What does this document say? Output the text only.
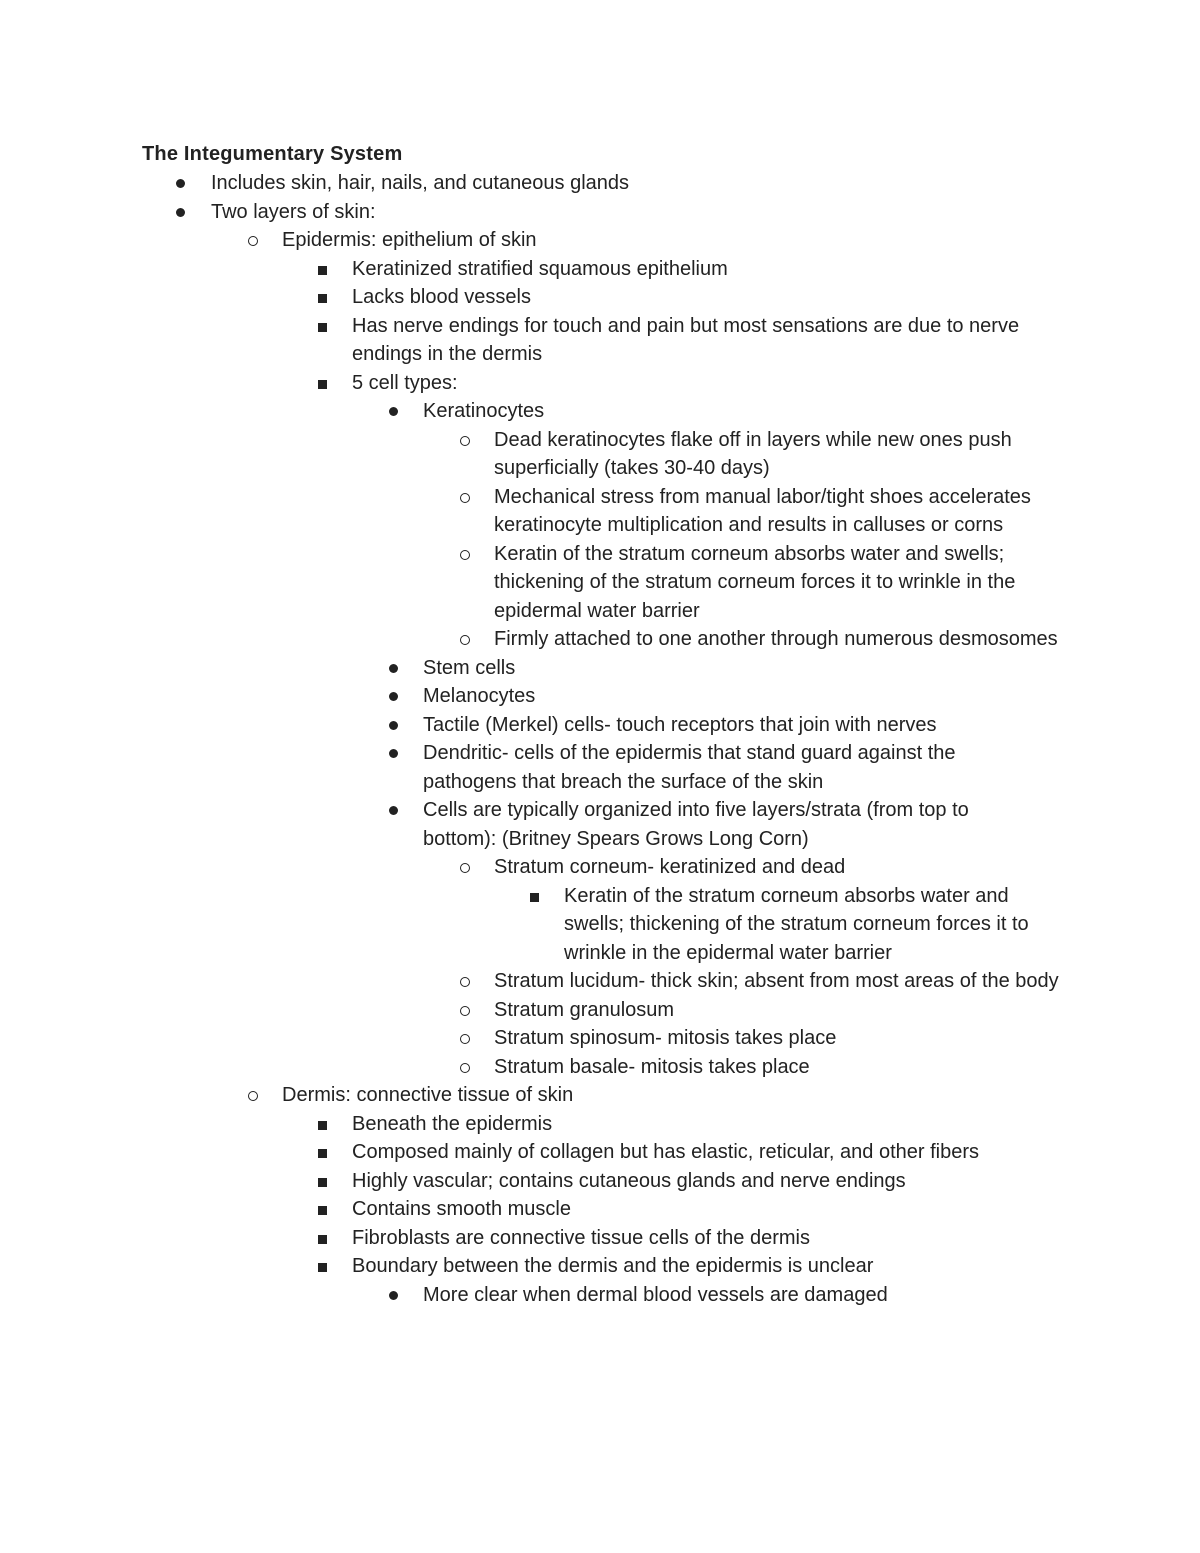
The Integumentary System
Includes skin, hair, nails, and cutaneous glands
Two layers of skin:
Epidermis: epithelium of skin
Keratinized stratified squamous epithelium
Lacks blood vessels
Has nerve endings for touch and pain but most sensations are due to nerve endings in the dermis
5 cell types:
Keratinocytes
Dead keratinocytes flake off in layers while new ones push superficially (takes 30-40 days)
Mechanical stress from manual labor/tight shoes accelerates keratinocyte multiplication and results in calluses or corns
Keratin of the stratum corneum absorbs water and swells; thickening of the stratum corneum forces it to wrinkle in the epidermal water barrier
Firmly attached to one another through numerous desmosomes
Stem cells
Melanocytes
Tactile (Merkel) cells- touch receptors that join with nerves
Dendritic- cells of the epidermis that stand guard against the pathogens that breach the surface of the skin
Cells are typically organized into five layers/strata (from top to bottom): (Britney Spears Grows Long Corn)
Stratum corneum- keratinized and dead
Keratin of the stratum corneum absorbs water and swells; thickening of the stratum corneum forces it to wrinkle in the epidermal water barrier
Stratum lucidum- thick skin; absent from most areas of the body
Stratum granulosum
Stratum spinosum- mitosis takes place
Stratum basale- mitosis takes place
Dermis: connective tissue of skin
Beneath the epidermis
Composed mainly of collagen but has elastic, reticular, and other fibers
Highly vascular; contains cutaneous glands and nerve endings
Contains smooth muscle
Fibroblasts are connective tissue cells of the dermis
Boundary between the dermis and the epidermis is unclear
More clear when dermal blood vessels are damaged
